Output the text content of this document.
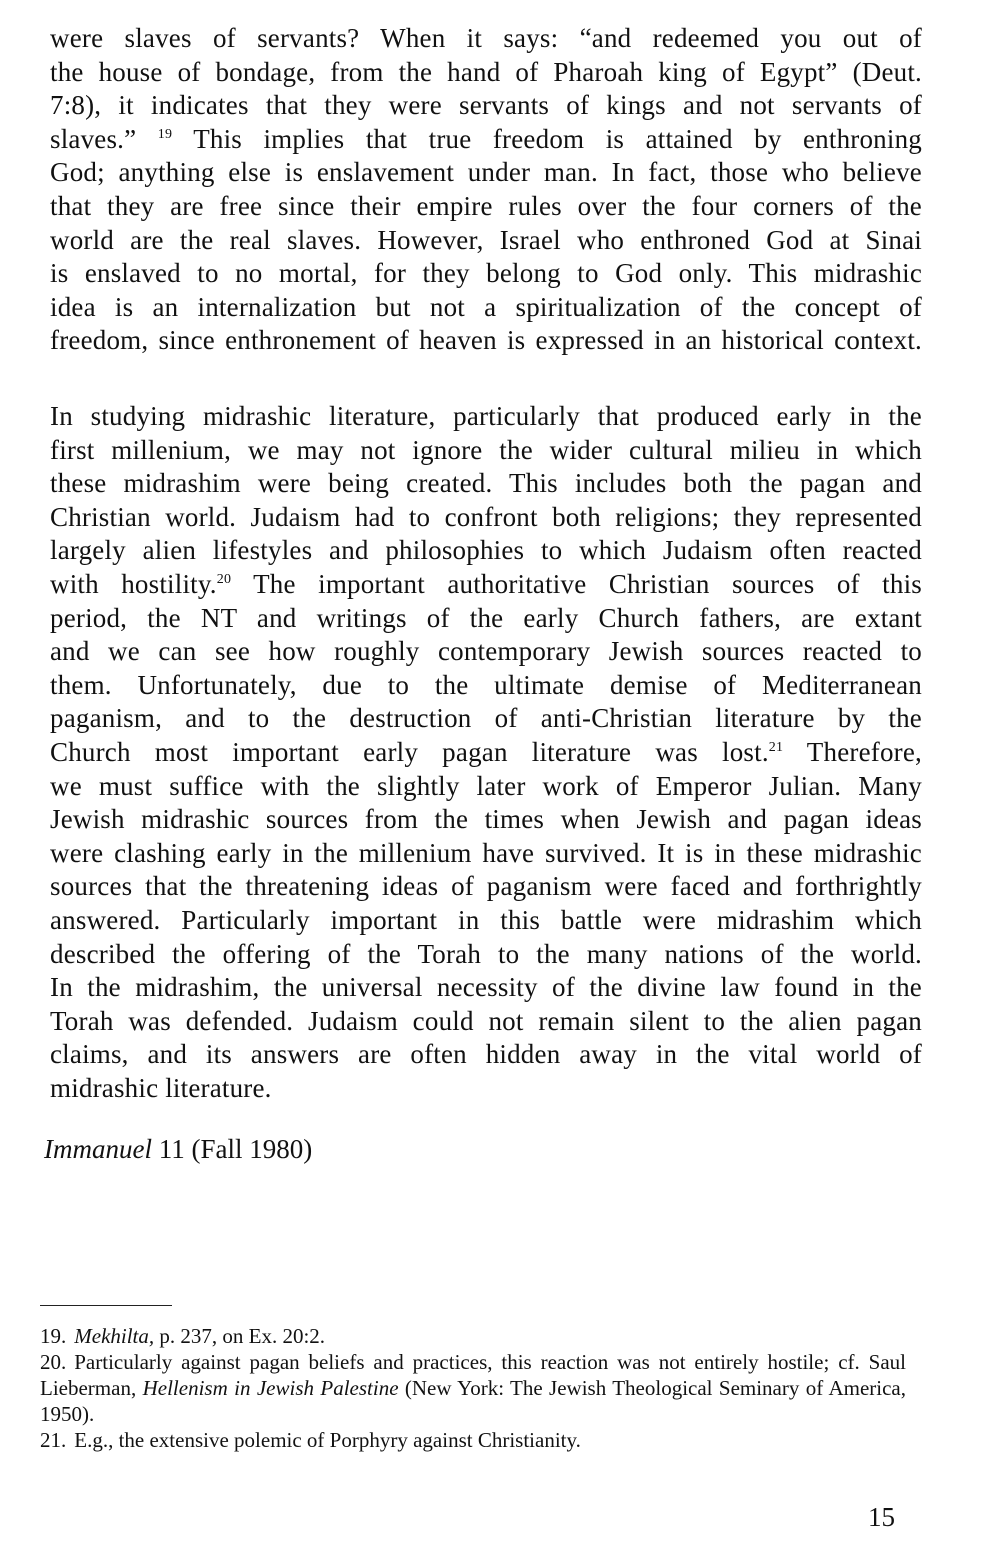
were slaves of servants? When it says: “and redeemed you out of
the house of bondage, from the hand of Pharoah king of Egypt” (Deut.
7:8), it indicates that they were servants of kings and not servants of
slaves.” $^{19}$ This implies that true freedom is attained by enthroning
God; anything else is enslavement under man. In fact, those who believe
that they are free since their empire rules over the four corners of the
world are the real slaves. However, Israel who enthroned God at Sinai
is enslaved to no mortal, for they belong to God only. This midrashic
idea is an internalization but not a spiritualization of the concept of
freedom, since enthronement of heaven is expressed in an historical context.

In studying midrashic literature, particularly that produced early in the
first millenium, we may not ignore the wider cultural milieu in which
these midrashim were being created. This includes both the pagan and
Christian world. Judaism had to confront both religions; they represented
largely alien lifestyles and philosophies to which Judaism often reacted
with hostility.$^{20}$ The important authoritative Christian sources of this
period, the NT and writings of the early Church fathers, are extant
and we can see how roughly contemporary Jewish sources reacted to
them. Unfortunately, due to the ultimate demise of Mediterranean
paganism, and to the destruction of anti-Christian literature by the
Church most important early pagan literature was lost.$^{21}$ Therefore,
we must suffice with the slightly later work of Emperor Julian. Many
Jewish midrashic sources from the times when Jewish and pagan ideas
were clashing early in the millenium have survived. It is in these midrashic
sources that the threatening ideas of paganism were faced and forthrightly
answered. Particularly important in this battle were midrashim which
described the offering of the Torah to the many nations of the world.
In the midrashim, the universal necessity of the divine law found in the
Torah was defended. Judaism could not remain silent to the alien pagan
claims, and its answers are often hidden away in the vital world of
midrashic literature.

Immanuel 11 (Fall 1980)

19. Mekhilta, p. 237, on Ex. 20:2.

20. Particularly against pagan beliefs and practices, this reaction was not entirely hostile; cf. Saul Lieberman, Hellenism in Jewish Palestine (New York: The Jewish Theological Seminary of America, 1950).

21. E.g., the extensive polemic of Porphyry against Christianity.

15
